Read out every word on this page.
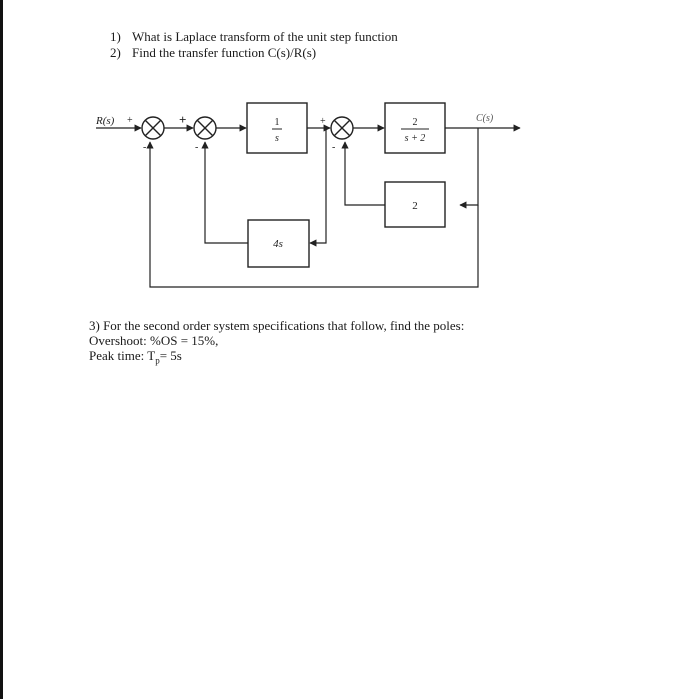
1) What is Laplace transform of the unit step function
2) Find the transfer function C(s)/R(s)
R(s) +
-
+
-
1
s
+
-
2
s + 2
C(s)
2
4s
3) For the second order system specifications that follow, find the poles:
Overshoot: %OS = 15%,
Peak time: $T_p= 5s$
